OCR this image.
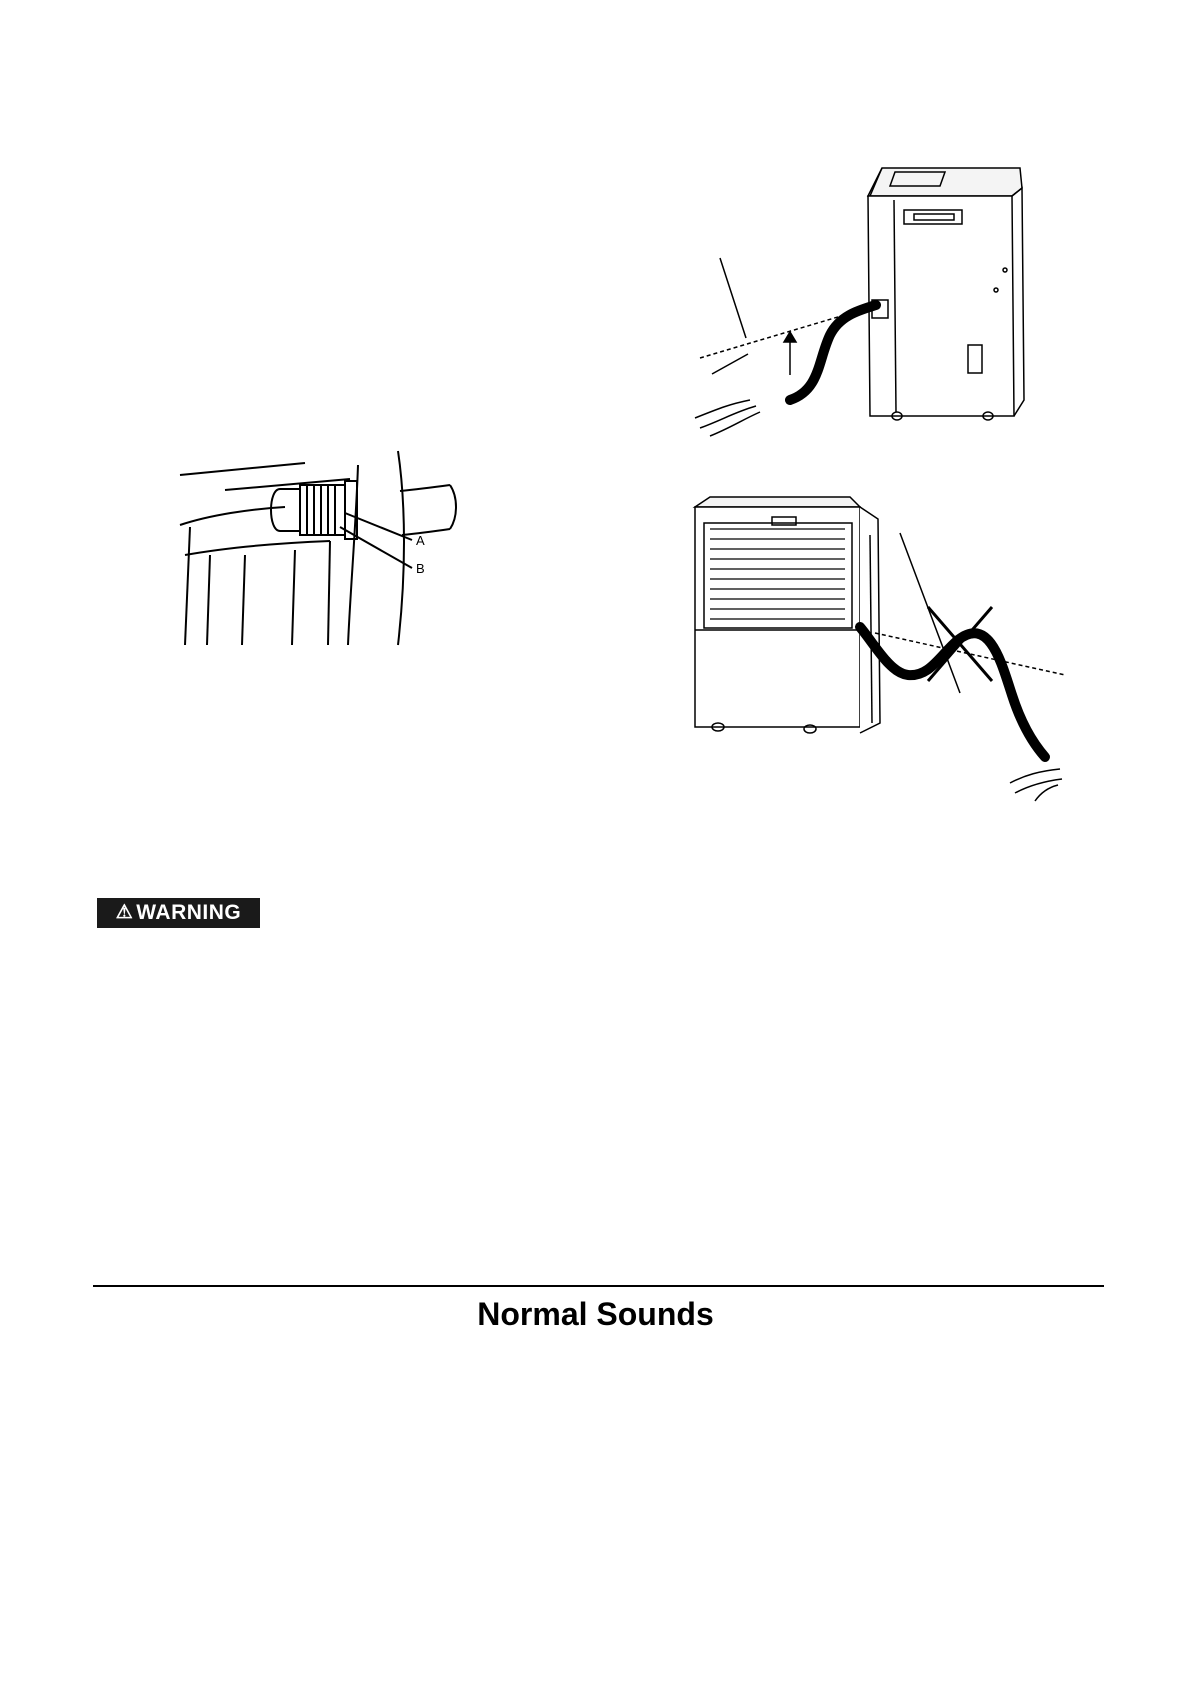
A
B
⚠ WARNING
Normal Sounds
